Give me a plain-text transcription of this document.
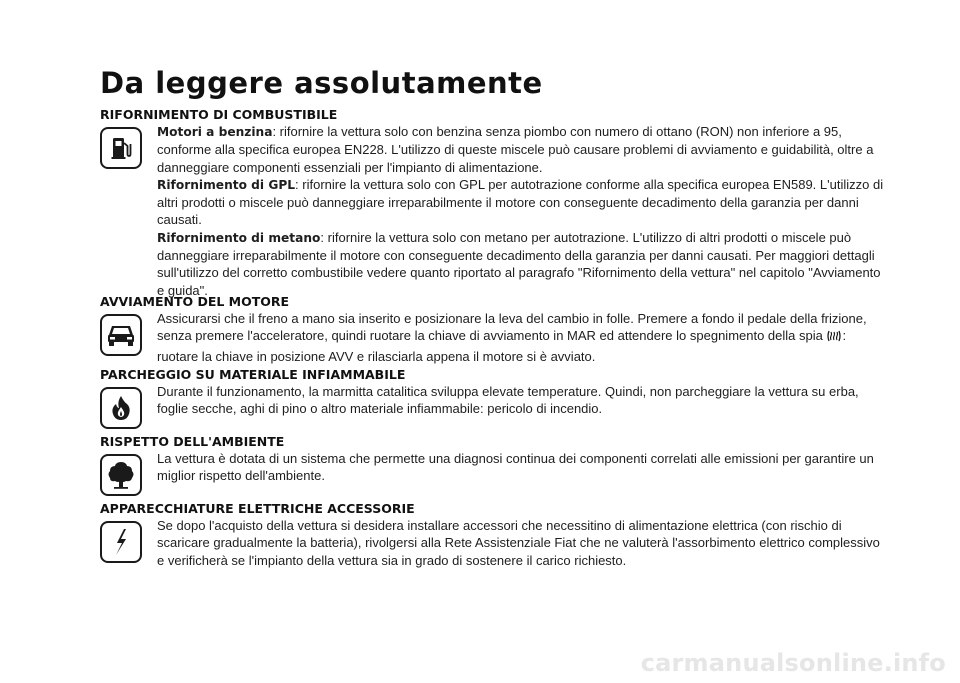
Da leggere assolutamente
RIFORNIMENTO DI COMBUSTIBILE

Motori a benzina: rifornire la vettura solo con benzina senza piombo con numero di ottano (RON) non inferiore a 95, conforme alla specifica europea EN228. L'utilizzo di queste miscele può causare problemi di avviamento e guidabilità, oltre a danneggiare componenti essenziali per l'impianto di alimentazione.

Rifornimento di GPL: rifornire la vettura solo con GPL per autotrazione conforme alla specifica europea EN589. L'utilizzo di altri prodotti o miscele può danneggiare irreparabilmente il motore con conseguente decadimento della garanzia per danni causati.

Rifornimento di metano: rifornire la vettura solo con metano per autotrazione. L'utilizzo di altri prodotti o miscele può danneggiare irreparabilmente il motore con conseguente decadimento della garanzia per danni causati. Per maggiori dettagli sull'utilizzo del corretto combustibile vedere quanto riportato al paragrafo "Rifornimento della vettura" nel capitolo "Avviamento e guida".

AVVIAMENTO DEL MOTORE

Assicurarsi che il freno a mano sia inserito e posizionare la leva del cambio in folle. Premere a fondo il pedale della frizione, senza premere l'acceleratore, quindi ruotare la chiave di avviamento in MAR ed attendere lo spegnimento della spia : ruotare la chiave in posizione AVV e rilasciarla appena il motore si è avviato.

PARCHEGGIO SU MATERIALE INFIAMMABILE

Durante il funzionamento, la marmitta catalitica sviluppa elevate temperature. Quindi, non parcheggiare la vettura su erba, foglie secche, aghi di pino o altro materiale infiammabile: pericolo di incendio.

RISPETTO DELL'AMBIENTE

La vettura è dotata di un sistema che permette una diagnosi continua dei componenti correlati alle emissioni per garantire un miglior rispetto dell'ambiente.

APPARECCHIATURE ELETTRICHE ACCESSORIE

Se dopo l'acquisto della vettura si desidera installare accessori che necessitino di alimentazione elettrica (con rischio di scaricare gradualmente la batteria), rivolgersi alla Rete Assistenziale Fiat che ne valuterà l'assorbimento elettrico complessivo e verificherà se l'impianto della vettura sia in grado di sostenere il carico richiesto.

carmanualsonline.info
